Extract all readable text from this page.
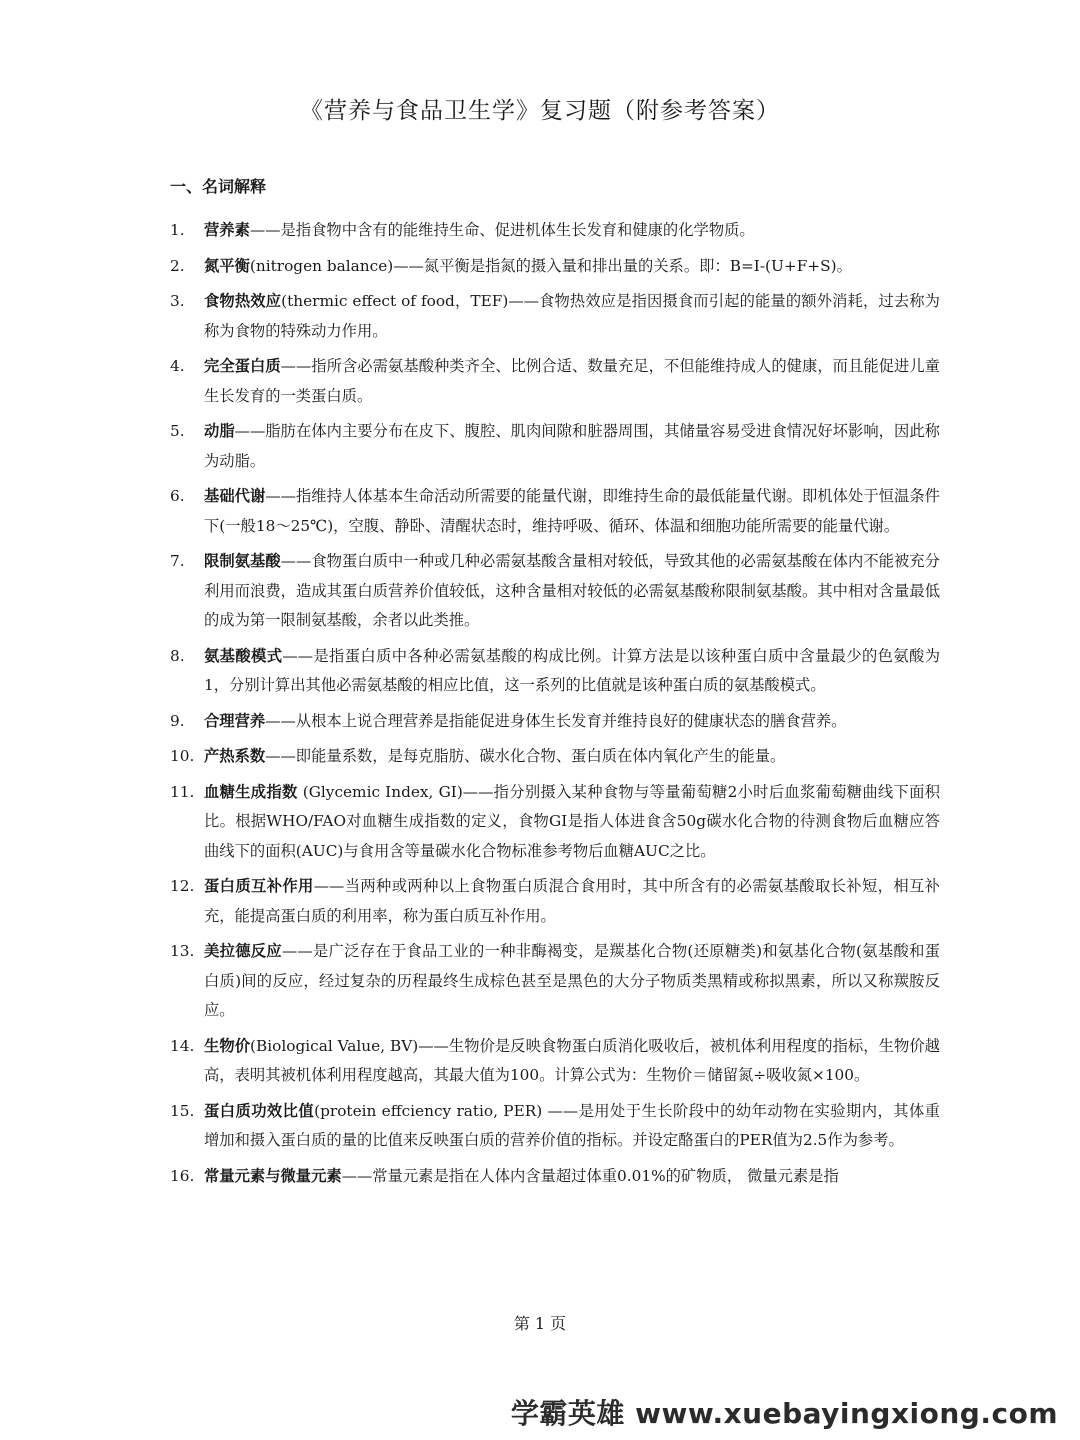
《营养与食品卫生学》复习题（附参考答案）
一、名词解释
1.	营养素——是指食物中含有的能维持生命、促进机体生长发育和健康的化学物质。
2.	氮平衡(nitrogen balance)——氮平衡是指氮的摄入量和排出量的关系。即：B=I-(U+F+S)。
3.	食物热效应(thermic effect of food，TEF)——食物热效应是指因摄食而引起的能量的额外消耗，过去称为称为食物的特殊动力作用。
4.	完全蛋白质——指所含必需氨基酸种类齐全、比例合适、数量充足，不但能维持成人的健康，而且能促进儿童生长发育的一类蛋白质。
5.	动脂——脂肪在体内主要分布在皮下、腹腔、肌肉间隙和脏器周围，其储量容易受进食情况好坏影响，因此称为动脂。
6.	基础代谢——指维持人体基本生命活动所需要的能量代谢，即维持生命的最低能量代谢。即机体处于恒温条件下(一般18～25℃)，空腹、静卧、清醒状态时，维持呼吸、循环、体温和细胞功能所需要的能量代谢。
7.	限制氨基酸——食物蛋白质中一种或几种必需氨基酸含量相对较低，导致其他的必需氨基酸在体内不能被充分利用而浪费，造成其蛋白质营养价值较低，这种含量相对较低的必需氨基酸称限制氨基酸。其中相对含量最低的成为第一限制氨基酸，余者以此类推。
8.	氨基酸模式——是指蛋白质中各种必需氨基酸的构成比例。计算方法是以该种蛋白质中含量最少的色氨酸为1，分别计算出其他必需氨基酸的相应比值，这一系列的比值就是该种蛋白质的氨基酸模式。
9.	合理营养——从根本上说合理营养是指能促进身体生长发育并维持良好的健康状态的膳食营养。
10. 产热系数——即能量系数，是每克脂肪、碳水化合物、蛋白质在体内氧化产生的能量。
11. 血糖生成指数 (Glycemic Index, GI)——指分别摄入某种食物与等量葡萄糖2小时后血浆葡萄糖曲线下面积比。根据WHO/FAO对血糖生成指数的定义，食物GI是指人体进食含50g碳水化合物的待测食物后血糖应答曲线下的面积(AUC)与食用含等量碳水化合物标准参考物后血糖AUC之比。
12. 蛋白质互补作用——当两种或两种以上食物蛋白质混合食用时，其中所含有的必需氨基酸取长补短，相互补充，能提高蛋白质的利用率，称为蛋白质互补作用。
13. 美拉德反应——是广泛存在于食品工业的一种非酶褐变，是羰基化合物(还原糖类)和氨基化合物(氨基酸和蛋白质)间的反应，经过复杂的历程最终生成棕色甚至是黑色的大分子物质类黑精或称拟黑素，所以又称羰胺反应。
14. 生物价(Biological Value, BV)——生物价是反映食物蛋白质消化吸收后，被机体利用程度的指标，生物价越高，表明其被机体利用程度越高，其最大值为100。计算公式为：生物价＝储留氮÷吸收氮×100。
15. 蛋白质功效比值(protein effciency ratio, PER) ——是用处于生长阶段中的幼年动物在实验期内，其体重增加和摄入蛋白质的量的比值来反映蛋白质的营养价值的指标。并设定酪蛋白的PER值为2.5作为参考。
16. 常量元素与微量元素——常量元素是指在人体内含量超过体重0.01%的矿物质， 微量元素是指
第 1 页
学霸英雄 www.xuebayingxiong.com
